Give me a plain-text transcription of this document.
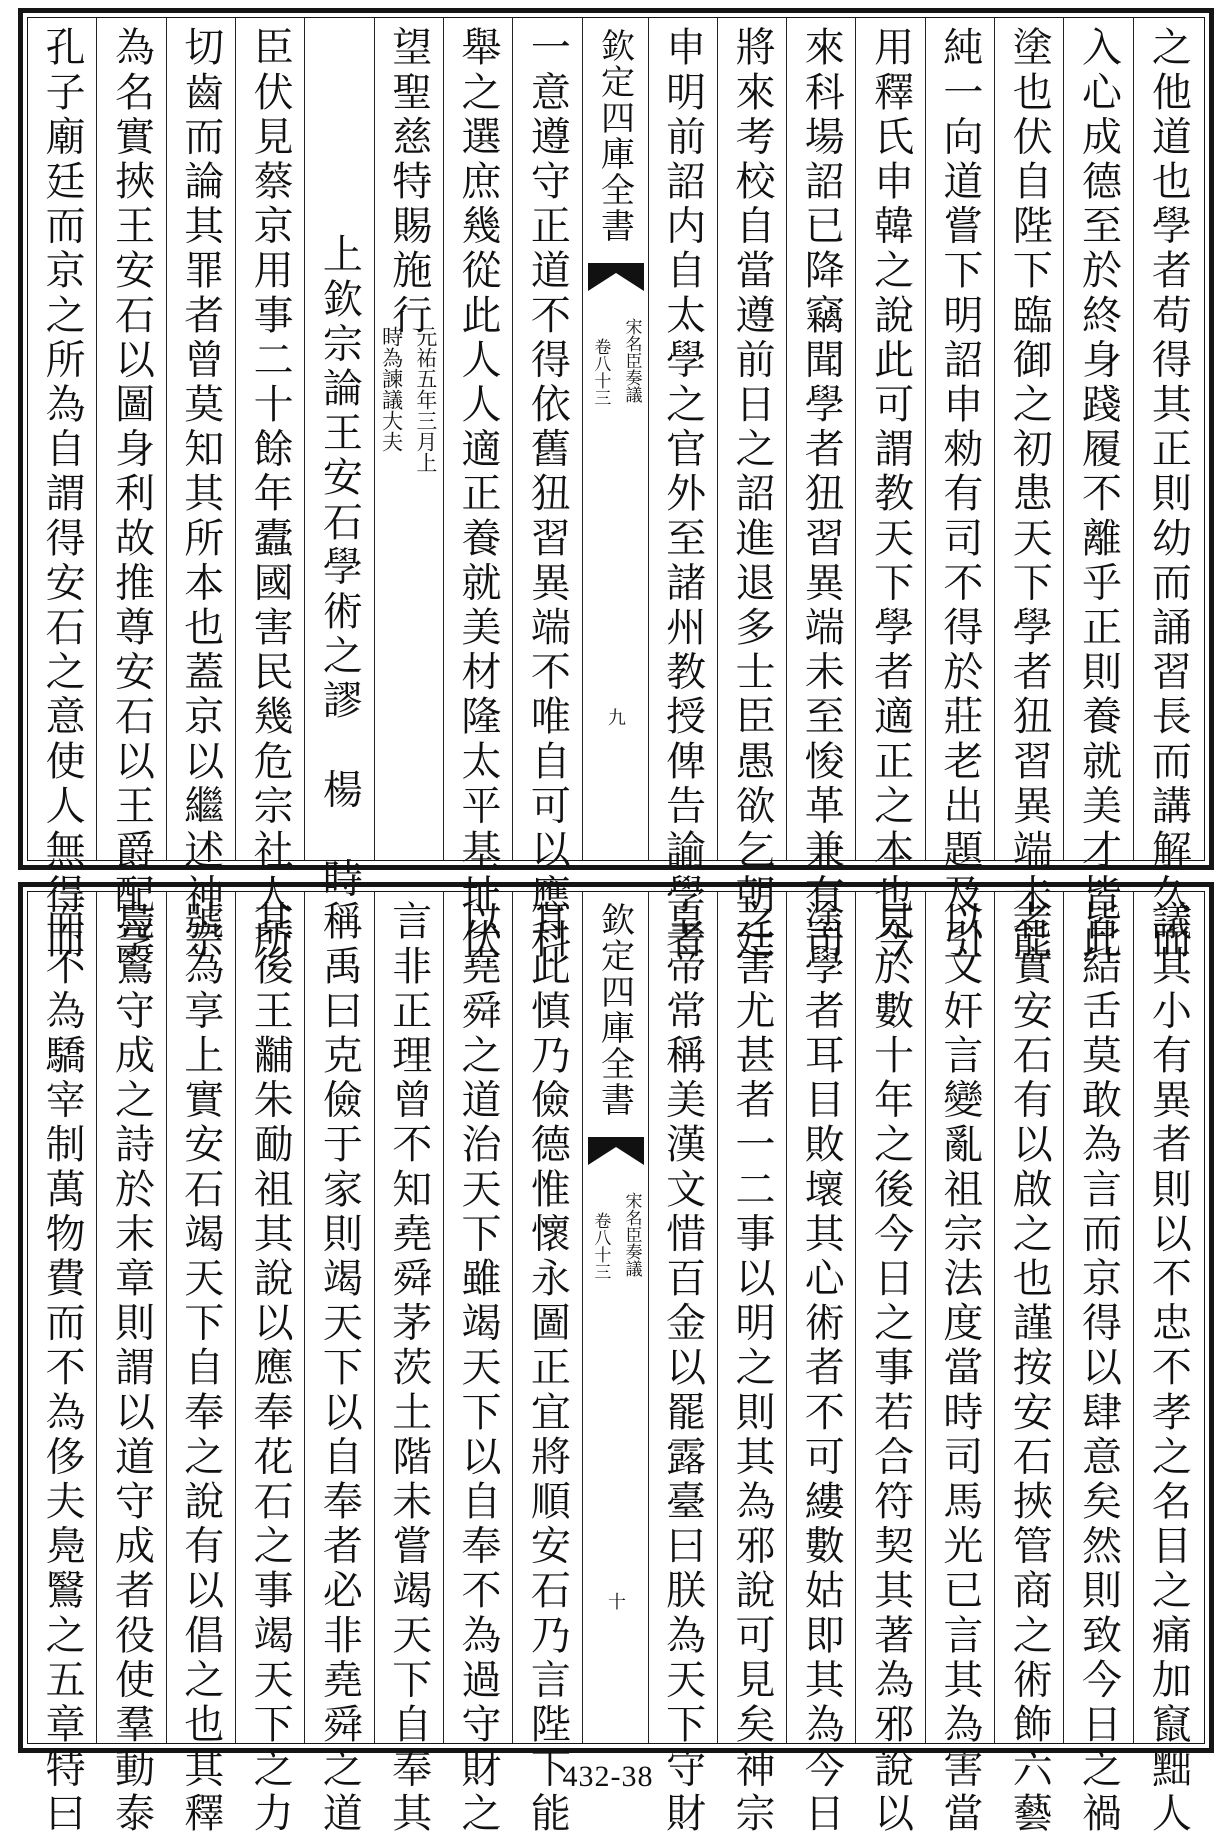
之他道也學者苟得其正則幼而誦習長而講解久而
入心成德至於終身踐履不離乎正則養就美才皆此
塗也伏自陛下臨御之初患天下學者狃習異端未能
純一向道嘗下明詔申勑有司不得於莊老出題及引
用釋氏申韓之說此可謂教天下學者適正之本也今
來科場詔已降竊聞學者狃習異端未至悛革兼有司
將來考校自當遵前日之詔進退多士臣愚欲乞朝廷
申明前詔内自太學之官外至諸州教授俾告諭學者
一意遵守正道不得依舊狃習異端不唯自可以應科
舉之選庶幾從此人人適正養就美材隆太平基址伏
望聖慈特賜施行
元祐五年三月上
時為諫議大夫
上欽宗論王安石學術之謬　楊　時
臣伏見蔡京用事二十餘年蠹國害民幾危宗社人所
切齒而論其罪者曾莫知其所本也蓋京以繼述神宗
為名實挾王安石以圖身利故推尊安石以王爵配享
孔子廟廷而京之所為自謂得安石之意使人無得而	欽定四庫全書
宋名臣奏議
卷八十三
九
議其小有異者則以不忠不孝之名目之痛加竄黜人
皆結舌莫敢為言而京得以肆意矣然則致今日之禍
者實安石有以啟之也謹按安石挾管商之術飾六藝
以文奸言變亂祖宗法度當時司馬光已言其為害當
見於數十年之後今日之事若合符契其著為邪說以
塗學者耳目敗壞其心術者不可縷數姑即其為今日
之害尤甚者一二事以明之則其為邪說可見矣神宗
皇帝常稱美漢文惜百金以罷露臺曰朕為天下守財
耳此慎乃儉德惟懷永圖正宜將順安石乃言陛下能
以堯舜之道治天下雖竭天下以自奉不為過守財之
言非正理曾不知堯舜茅茨土階未嘗竭天下自奉其
稱禹曰克儉于家則竭天下以自奉者必非堯舜之道
其後王黼朱勔祖其說以應奉花石之事竭天下之力
號為享上實安石竭天下自奉之說有以倡之也其釋
鳧鷖守成之詩於末章則謂以道守成者役使羣動泰
而不為驕宰制萬物費而不為侈夫鳧鷖之五章特曰	欽定四庫全書
宋名臣奏議
卷八十三
十
432-38
